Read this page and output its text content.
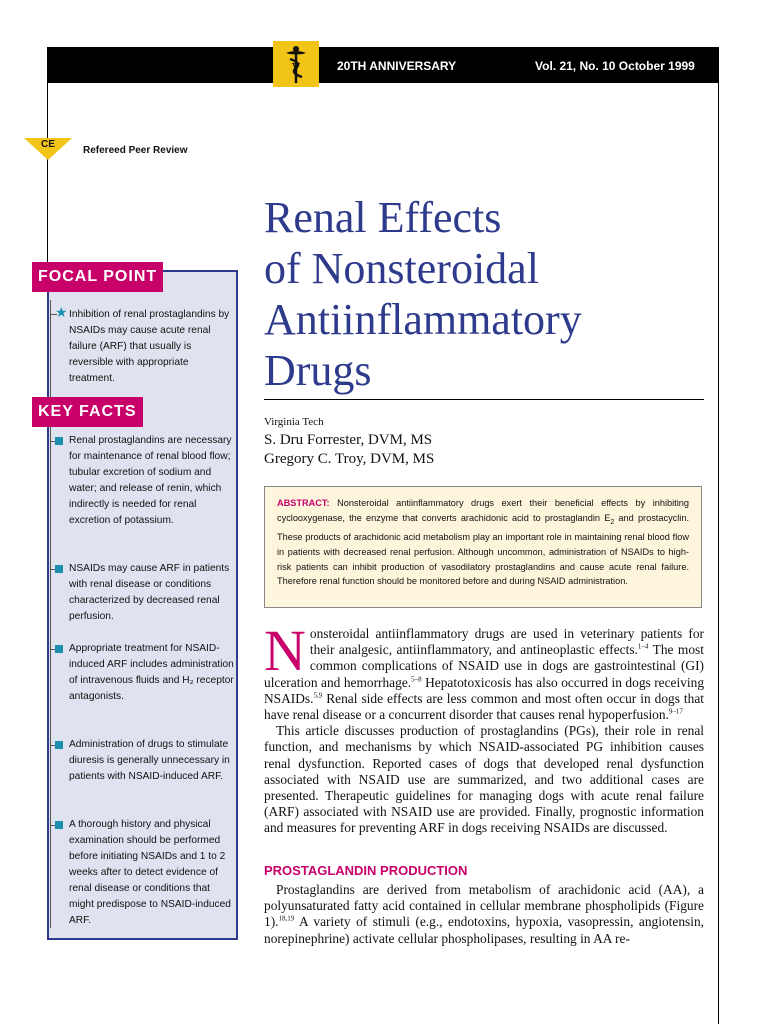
V	20TH ANNIVERSARY	Vol. 21, No. 10 October 1999
CE
Refereed Peer Review
Renal Effects
of Nonsteroidal
Antiinflammatory
Drugs
Virginia Tech
S. Dru Forrester, DVM, MS
Gregory C. Troy, DVM, MS
ABSTRACT: Nonsteroidal antiinflammatory drugs exert their beneficial effects by inhibiting cyclooxygenase, the enzyme that converts arachidonic acid to prostaglandin $E_2$ and prostacyclin. These products of arachidonic acid metabolism play an important role in maintaining renal blood flow in patients with decreased renal perfusion. Although uncommon, administration of NSAIDs to high-risk patients can inhibit production of vasodilatory prostaglandins and cause acute renal failure. Therefore renal function should be monitored before and during NSAID administration.
Nonsteroidal antiinflammatory drugs are used in veterinary patients for their analgesic, antiinflammatory, and antineoplastic effects.$^{1-4}$ The most common complications of NSAID use in dogs are gastrointestinal (GI) ulceration and hemorrhage.$^{5-8}$ Hepatotoxicosis has also occurred in dogs receiving NSAIDs.$^{5,9}$ Renal side effects are less common and most often occur in dogs that have renal disease or a concurrent disorder that causes renal hypoperfusion.$^{9-17}$
This article discusses production of prostaglandins (PGs), their role in renal function, and mechanisms by which NSAID-associated PG inhibition causes renal dysfunction. Reported cases of dogs that developed renal dysfunction associated with NSAID use are summarized, and two additional cases are presented. Therapeutic guidelines for managing dogs with acute renal failure (ARF) associated with NSAID use are provided. Finally, prognostic information and measures for preventing ARF in dogs receiving NSAIDs are discussed.
PROSTAGLANDIN PRODUCTION
Prostaglandins are derived from metabolism of arachidonic acid (AA), a polyunsaturated fatty acid contained in cellular membrane phospholipids (Figure 1).$^{18,19}$ A variety of stimuli (e.g., endotoxins, hypoxia, vasopressin, angiotensin, norepinephrine) activate cellular phospholipases, resulting in AA re-
FOCAL POINT
★ Inhibition of renal prostaglandins by NSAIDs may cause acute renal failure (ARF) that usually is reversible with appropriate treatment.
KEY FACTS
Renal prostaglandins are necessary for maintenance of renal blood flow; tubular excretion of sodium and water; and release of renin, which indirectly is needed for renal excretion of potassium.
NSAIDs may cause ARF in patients with renal disease or conditions characterized by decreased renal perfusion.
Appropriate treatment for NSAID-induced ARF includes administration of intravenous fluids and H₂ receptor antagonists.
Administration of drugs to stimulate diuresis is generally unnecessary in patients with NSAID-induced ARF.
A thorough history and physical examination should be performed before initiating NSAIDs and 1 to 2 weeks after to detect evidence of renal disease or conditions that might predispose to NSAID-induced ARF.
